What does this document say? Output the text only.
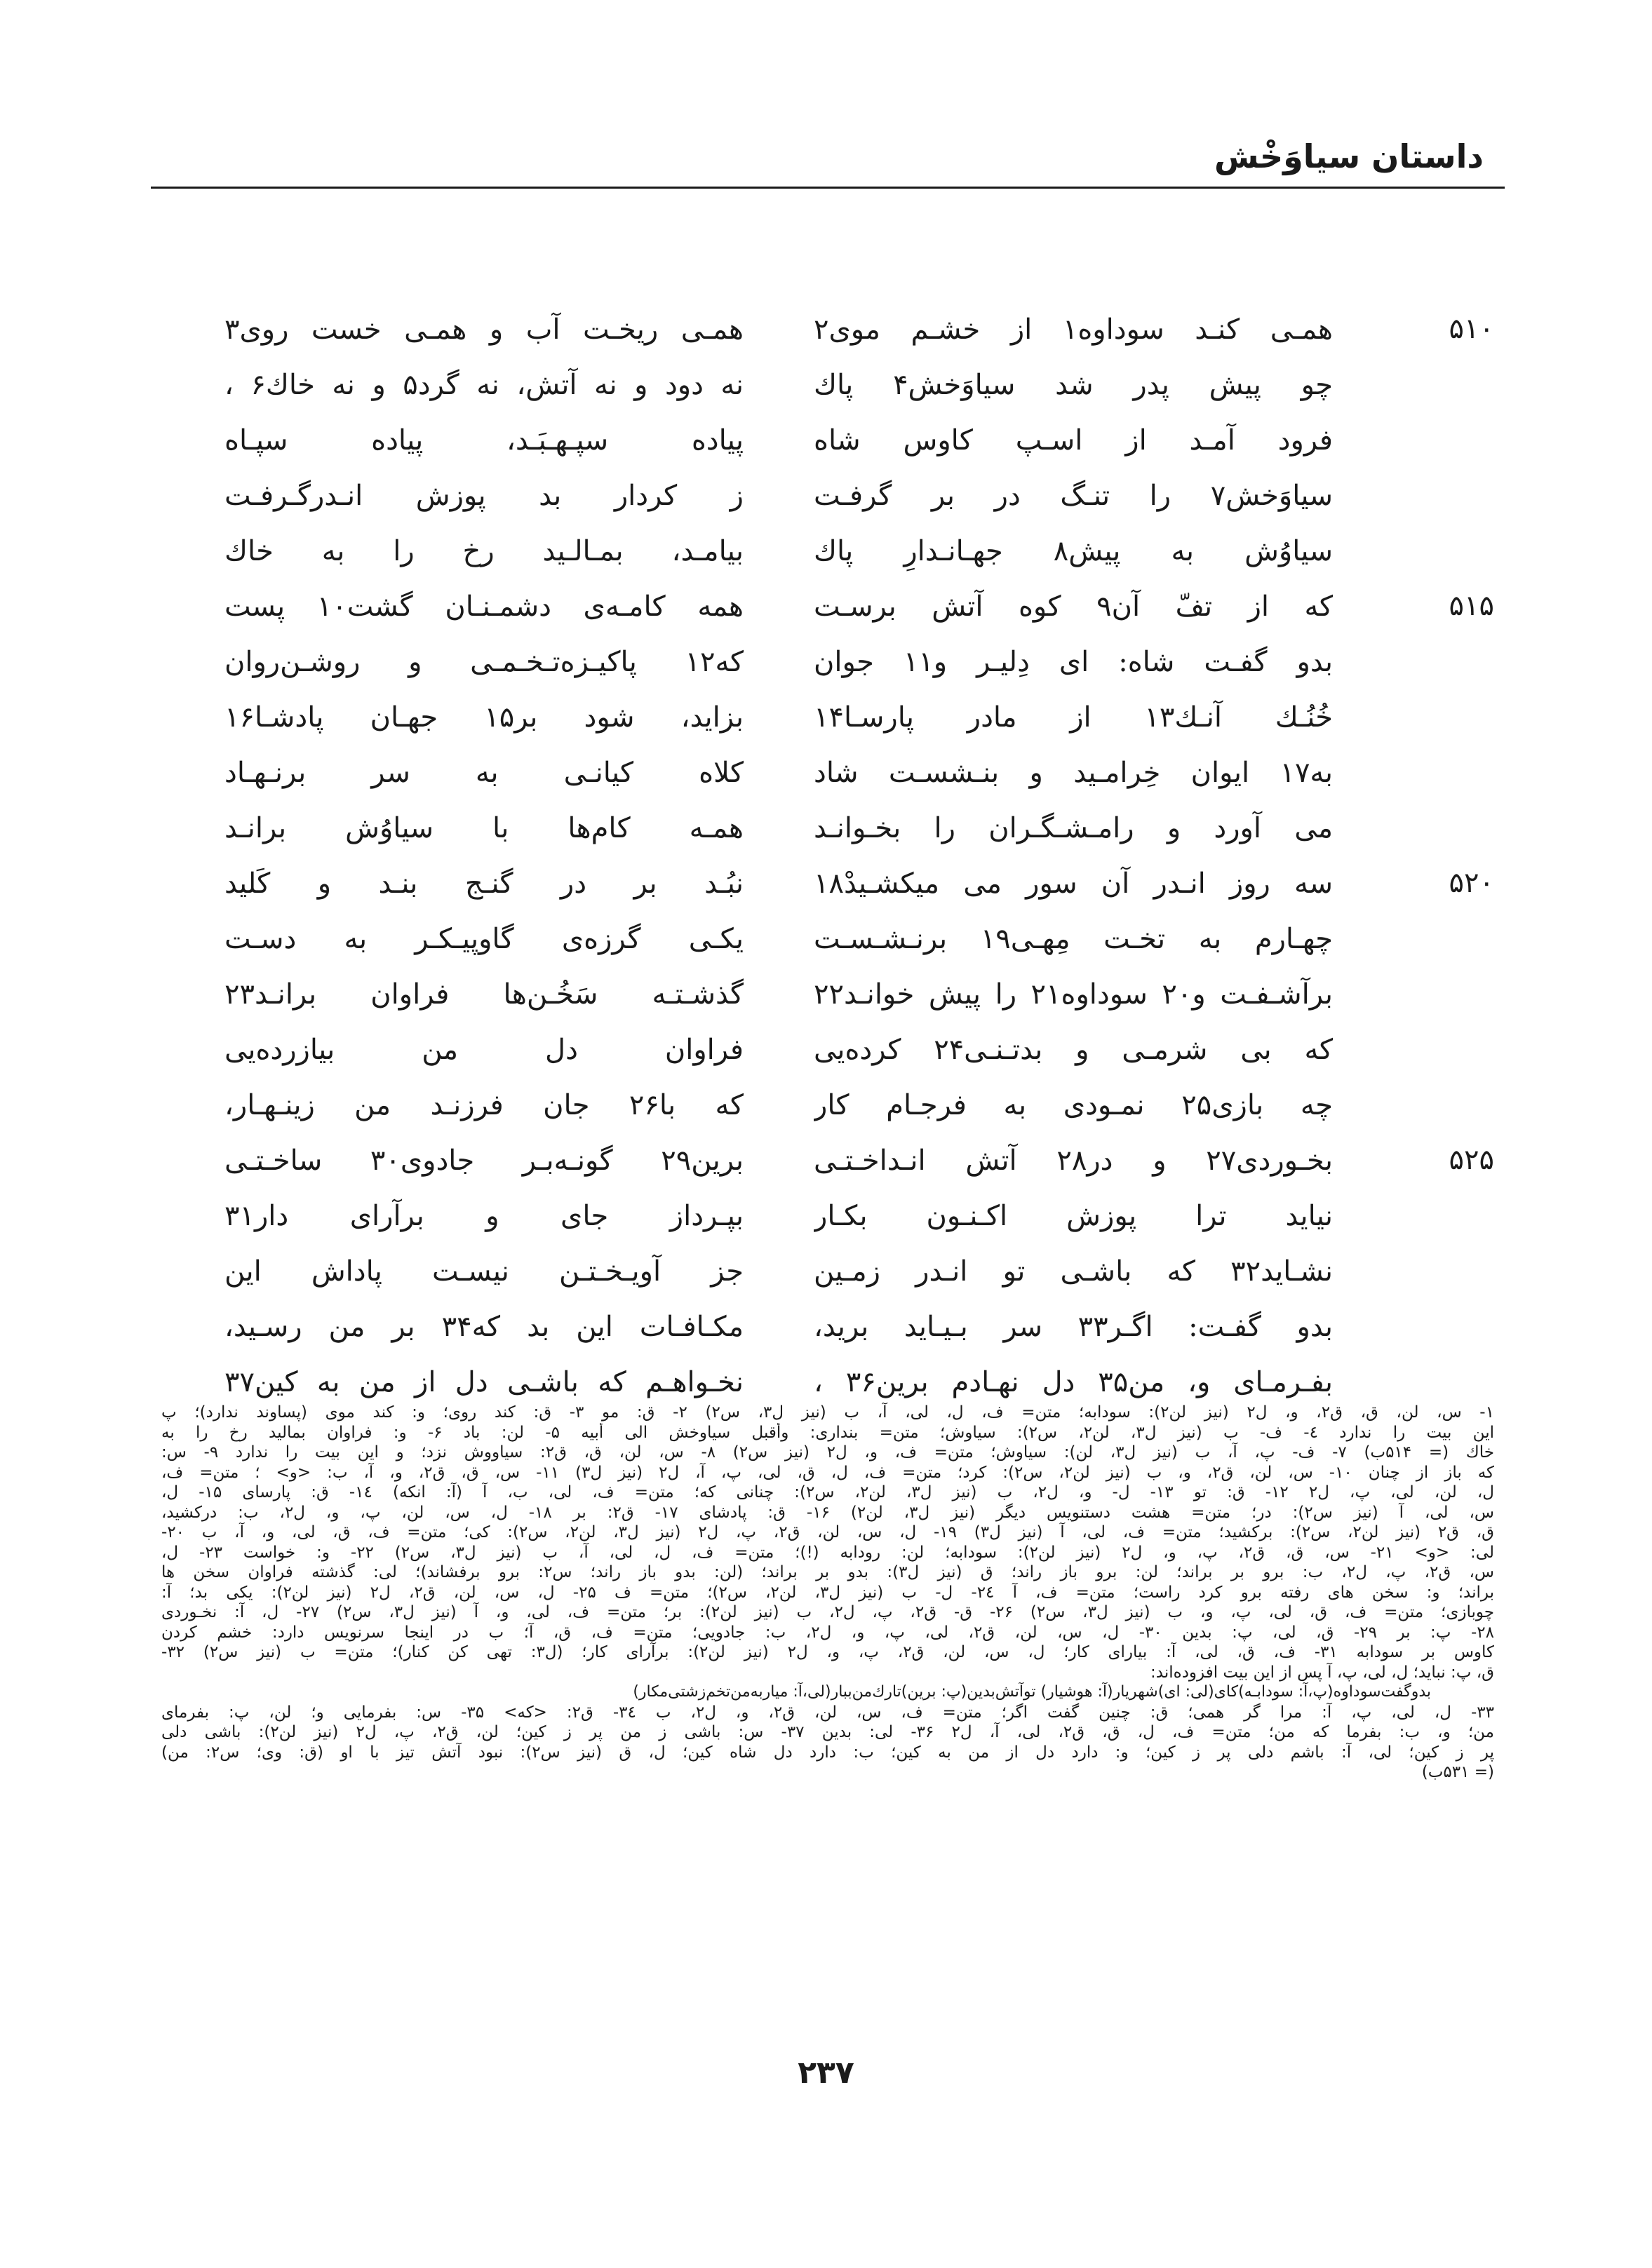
داستان سیاوَخْش
۵۱۰
همـی کنـد سوداوه۱ از خشـم موی۲
همـی ریخـت آب و همـی خست روی۳
چو پیش پدر شد سیاوَخش۴ پاك
نه دود و نه آتش، نه گرد۵ و نه خاك۶ ،
فرود آمـد از اسـپ کاوس شاه
پیاده سپـهـبَـد، پیاده سپـاه
سیاوَخش۷ را تنـگ در بر گرفـت
ز کردار بد پوزش انـدرگـرفـت
سیاوُش به پیش۸ جهـانـدارِ پاك
بیامـد، بمـالـید رخ را به خاك
۵۱۵
که از تفّ آن۹ کوه آتش برسـت
همه کامـه‌ی دشمـنـان گشت۱۰ پست
بدو گفـت شاه: ای دِلیـر و۱۱ جوان
که۱۲ پاکیـزه‌تـخـمـی و روشـن‌روان
خُنُـك آنـك۱۳ از مادر پارسـا۱۴
بزاید، شود بر۱۵ جهـان پادشـا۱۶
به۱۷ ایوان خِرامـید و بنـشسـت شاد
کلاه کیانـی به سر برنـهـاد
می آورد و رامـشـگـران را بخـوانـد
همـه کام‌ها با سیاوُش برانـد
۵۲۰
سه روز انـدر آن سور می میکشـیدْ۱۸
نبُـد بر در گنـج بنـد و کَلید
چهـارم به تخـت مِهـی۱۹ برنـشـسـت
یکـی گرزه‌ی گاوپیـکـر به دسـت
برآشـفـت و۲۰ سوداوه۲۱ را پیش خوانـد۲۲
گذشـتـه سَخُـن‌ها فراوان برانـد۲۳
که بی شرمـی و بدتـنـی۲۴ کرده‌یی
فراوان دل من بیازرده‌یی
چه بازی۲۵ نمـودی به فرجـام کار
که با۲۶ جان فرزنـد من زینـهـار،
۵۲۵
بخـوردی۲۷ و در۲۸ آتش انـداخـتـی
برین۲۹ گونـه‌بـر جادوی۳۰ ساخـتـی
نیاید ترا پوزش اکـنـون بکـار
بپـرداز جای و برآرای دار۳۱
نشـاید۳۲ که باشـی تو انـدر زمـین
جز آویـخـتـن نیسـت پاداش این
بدو گفـت: اگـر۳۳ سر بـیـاید برید،
مکـافـات این بد که۳۴ بر من رسـید،
بفـرمـای و، من۳۵ دل نهـادم برین۳۶ ،
نخـواهـم که باشـی دل از من به کین۳۷
۱- س، لن، ق، ق۲، و، ل۲ (نیز لن۲): سودابه؛ متن= ف، ل، لی، آ، ب (نیز ل۳، س۲) ۲- ق: مو ۳- ق: کند روی؛ و: کند موی (پساوند ندارد)؛ پ
این بیت را ندارد ٤- ف- ب (نیز ل۳، لن۲، س۲): سیاوش؛ متن= بنداری: وأقبل سیاوخش الی أبیه ۵- لن: باد ۶- و: فراوان بمالید رخ را به
خاك (= ۵۱۴ب) ۷- ف- پ، آ، ب (نیز ل۳، لن): سیاوش؛ متن= ف، و، ل۲ (نیز س۲) ۸- س، لن، ق، ق۲: سیاووش نزد؛ و این بیت را ندارد ۹- س:
که باز از چنان ۱۰- س، لن، ق۲، و، ب (نیز لن۲، س۲): کرد؛ متن= ف، ل، ق، لی، پ، آ، ل۲ (نیز ل۳) ۱۱- س، ق، ق۲، و، آ، ب: <و> ؛ متن= ف،
ل، لن، لی، پ، ل۲ ۱۲- ق: تو ۱۳- ل- و، ل۲، ب (نیز ل۳، لن۲، س۲): چنانی که؛ متن= ف، لی، ب، آ (آ: انکه) ١٤- ق: پارسای ۱۵- ل،
س، لی، آ (نیز س۲): در؛ متن= هشت دستنویس دیگر (نیز ل۳، لن۲) ۱۶- ق: پادشای ۱۷- ق۲: بر ۱۸- ل، س، لن، پ، و، ل۲، ب: درکشید،
ق، ق۲ (نیز لن۲، س۲): برکشید؛ متن= ف، لی، آ (نیز ل۳) ۱۹- ل، س، لن، ق۲، پ، ل۲ (نیز ل۳، لن۲، س۲): کی؛ متن= ف، ق، لی، و، آ، ب ۲۰-
لی: <و> ۲۱- س، ق، ق۲، پ، و، ل۲ (نیز لن۲): سودابه؛ لن: رودابه (!)؛ متن= ف، ل، لی، آ، ب (نیز ل۳، س۲) ۲۲- و: خواست ۲۳- ل،
س، ق۲، پ، ل۲، ب: برو بر براند؛ لن: برو باز راند؛ ق (نیز ل۳): بدو بر براند؛ (لن: بدو باز راند؛ س۲: برو برفشاند)؛ لی: گذشته فراوان سخن ها
براند؛ و: سخن های رفته برو کرد راست؛ متن= ف، آ ۲٤- ل- ب (نیز ل۳، لن۲، س۲)؛ متن= ف ۲۵- ل، س، لن، ق۲، ل۲ (نیز لن۲): یکی بد؛ آ:
چوبازی؛ متن= ف، ق، لی، پ، و، ب (نیز ل۳، س۲) ۲۶- ق- ق۲، پ، ل۲، ب (نیز لن۲): بر؛ متن= ف، لی، و، آ (نیز ل۳، س۲) ۲۷- ل، آ: نخـوردی
۲۸- پ: بر ۲۹- ق، لی، پ: بدین ۳۰- ل، س، لن، ق۲، لی، پ، و، ل۲، ب: جادویی؛ متن= ف، ق، آ؛ ب در اینجا سرنویس دارد: خشم کردن
کاوس بر سودابه ۳۱- ف، ق، لی، آ: بیارای کار؛ ل، س، لن، ق۲، پ، و، ل۲ (نیز لن۲): برآرای کار؛ (ل۳: تهی کن کنار)؛ متن= ب (نیز س۲) ۳۲-
ق، پ: نباید؛ ل، لی، پ، آ پس از این بیت افزوده‌اند:
بدوگفت‌سوداوه(پ،آ: سودابـه)کای(لی: ای)شهریار(آ: هوشیار) توآتش‌بدین(پ: برین)تارك‌من‌ببار(لی،آ: میاربه‌من‌تخم‌زشتی‌مکار)
۳۳- ل، لی، پ، آ: مرا گر همی؛ ق: چنین گفت اگر؛ متن= ف، س، لن، ق۲، و، ل۲، ب ۳٤- ق۲: <که> ۳۵- س: بفرمایی و؛ لن، پ: بفرمای
من؛ و، ب: بفرما که من؛ متن= ف، ل، ق، ق۲، لی، آ، ل۲ ۳۶- لی: بدین ۳۷- س: باشی ز من پر ز کین؛ لن، ق۲، پ، ل۲ (نیز لن۲): باشی دلی
پر ز کین؛ لی، آ: باشم دلی پر ز کین؛ و: دارد دل از من به کین؛ ب: دارد دل شاه کین؛ ل، ق (نیز س۲): نبود آتش تیز با او (ق: وی؛ س۲: من)
(= ۵۳۱ب)
۲۳۷
